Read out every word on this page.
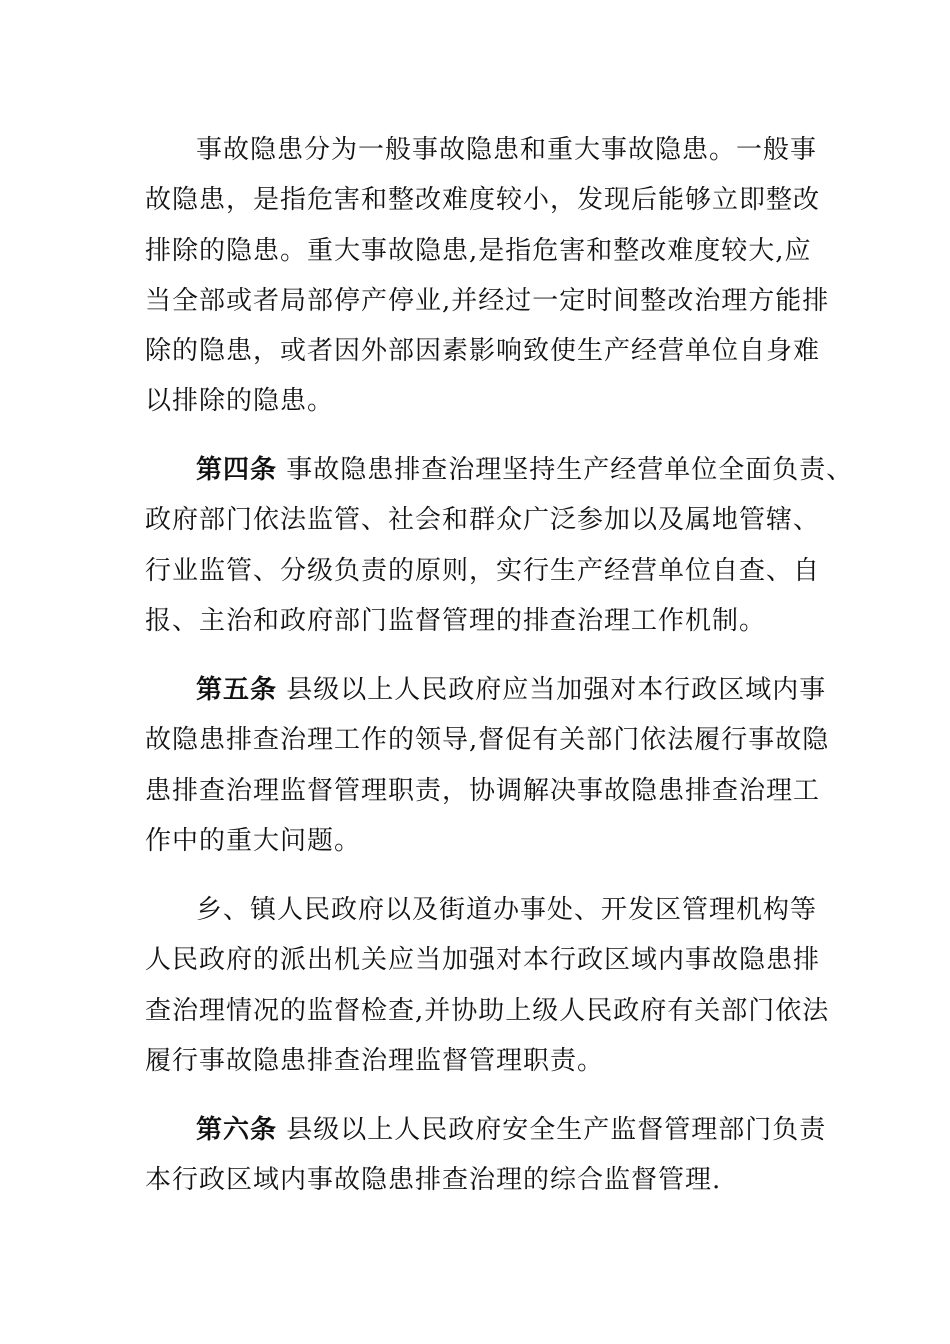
事故隐患分为一般事故隐患和重大事故隐患。一般事
故隐患，是指危害和整改难度较小，发现后能够立即整改
排除的隐患。重大事故隐患,是指危害和整改难度较大,应
当全部或者局部停产停业,并经过一定时间整改治理方能排
除的隐患，或者因外部因素影响致使生产经营单位自身难
以排除的隐患。
第四条 事故隐患排查治理坚持生产经营单位全面负责、
政府部门依法监管、社会和群众广泛参加以及属地管辖、
行业监管、分级负责的原则，实行生产经营单位自查、自
报、主治和政府部门监督管理的排查治理工作机制。
第五条 县级以上人民政府应当加强对本行政区域内事
故隐患排查治理工作的领导,督促有关部门依法履行事故隐
患排查治理监督管理职责，协调解决事故隐患排查治理工
作中的重大问题。
乡、镇人民政府以及街道办事处、开发区管理机构等
人民政府的派出机关应当加强对本行政区域内事故隐患排
查治理情况的监督检查,并协助上级人民政府有关部门依法
履行事故隐患排查治理监督管理职责。
第六条 县级以上人民政府安全生产监督管理部门负责
本行政区域内事故隐患排查治理的综合监督管理.
